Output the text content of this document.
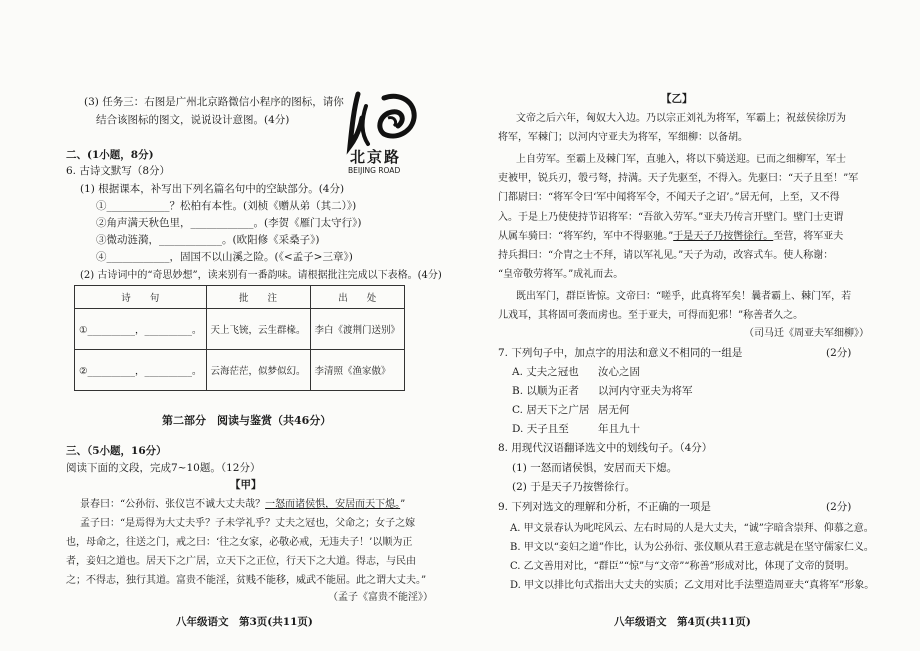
(3) 任务三：右图是广州北京路微信小程序的图标，请你
结合该图标的图文，说说设计意图。(4分)
北京路
BEIJING ROAD
二、(1小题，8分)
6. 古诗文默写（8分）
(1) 根据课本，补写出下列名篇名句中的空缺部分。(4分)
①____________？松柏有本性。(刘桢《赠从弟（其二）》)
②角声满天秋色里，____________。(李贺《雁门太守行》)
③微动涟漪，____________。(欧阳修《采桑子》)
④____________，固国不以山溪之险。(《<孟子>三章》)
(2) 古诗词中的“奇思妙想”，读来别有一番韵味。请根据批注完成以下表格。(4分)
诗　　句	批　　注	出　　处
①__________，__________。	天上飞铳，云生群椽。	李白《渡荆门送别》
②__________，__________。	云海茫茫，似梦似幻。	李清照《渔家傲》
第二部分　阅读与鉴赏（共46分）
三、（5小题，16分）
阅读下面的文段，完成7~10题。（12分）
【甲】
景春曰：“公孙衍、张仪岂不诚大丈夫哉？一怒而诸侯惧，安居而天下熄。”
孟子曰：“是焉得为大丈夫乎？子未学礼乎？丈夫之冠也，父命之；女子之嫁
也，母命之，往送之门，戒之曰：‘往之女家，必敬必戒，无违夫子！’以顺为正
者，妾妇之道也。居天下之广居，立天下之正位，行天下之大道。得志，与民由
之；不得志，独行其道。富贵不能淫，贫贱不能移，威武不能屈。此之谓大丈夫。”
（孟子《富贵不能淫》）
八年级语文　第3页(共11页)
【乙】
文帝之后六年，匈奴大入边。乃以宗正刘礼为将军，军霸上；祝兹侯徐厉为
将军，军棘门；以河内守亚夫为将军，军细柳：以备胡。
上自劳军。至霸上及棘门军，直驰入，将以下骑送迎。已而之细柳军，军士
吏被甲，锐兵刃，彀弓弩，持满。天子先驱至，不得入。先驱曰：“天子且至！”军
门都尉曰：“将军令曰‘军中闻将军令，不闻天子之诏’。”居无何，上至，又不得
入。于是上乃使使持节诏将军：“吾欲入劳军。”亚夫乃传言开壁门。壁门士吏谓
从属车骑曰：“将军约，军中不得驱驰。”于是天子乃按辔徐行。至营，将军亚夫
持兵揖曰：“介胄之士不拜，请以军礼见。”天子为动，改容式车。使人称谢：
“皇帝敬劳将军。”成礼而去。
既出军门，群臣皆惊。文帝曰：“嗟乎，此真将军矣！曩者霸上、棘门军，若
儿戏耳，其将固可袭而虏也。至于亚夫，可得而犯邪！”称善者久之。
（司马迁《周亚夫军细柳》）
7. 下列句子中，加点字的用法和意义不相同的一组是	(2分)
A. 丈夫之冠也 汝心之固
B. 以顺为正者 以河内守亚夫为将军
C. 居天下之广居 居无何
D. 天子且至	年且九十
8. 用现代汉语翻译选文中的划线句子。（4分）
(1) 一怒而诸侯惧，安居而天下熄。
(2) 于是天子乃按辔徐行。
9. 下列对选文的理解和分析，不正确的一项是	(2分)
A. 甲文景春认为叱咤风云、左右时局的人是大丈夫，“诚”字暗含崇拜、仰慕之意。
B. 甲文以“妾妇之道”作比，认为公孙衍、张仪顺从君王意志就是在坚守儒家仁义。
C. 乙文善用对比，“群臣”“惊”与“文帝”“称善”形成对比，体现了文帝的贤明。
D. 甲文以排比句式指出大丈夫的实质；乙文用对比手法塑造周亚夫“真将军”形象。
八年级语文　第4页(共11页)
